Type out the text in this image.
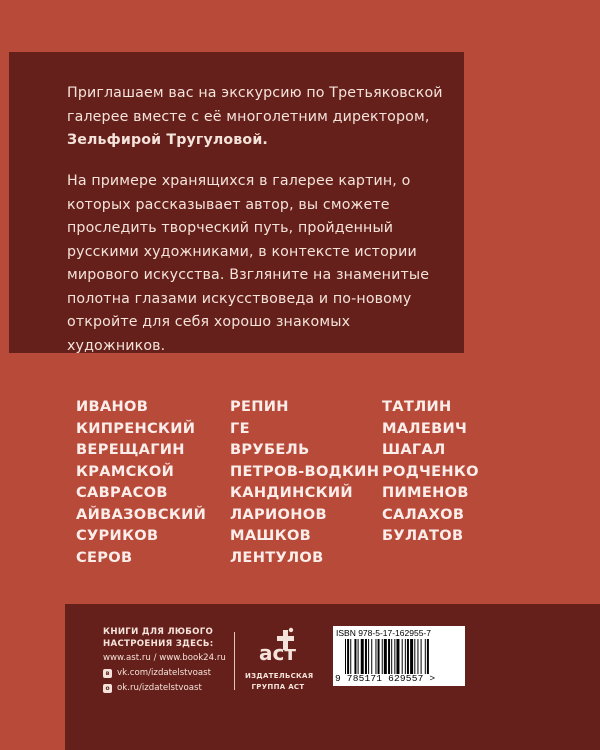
Приглашаем вас на экскурсию по Третьяковской галерее вместе с её многолетним директором, Зельфирой Тругуловой.

На примере хранящихся в галерее картин, о которых рассказывает автор, вы сможете проследить творческий путь, пройденный русскими художниками, в контексте истории мирового искусства. Взгляните на знаменитые полотна глазами искусствоведа и по-новому откройте для себя хорошо знакомых художников.

ИВАНОВ
КИПРЕНСКИЙ
ВЕРЕЩАГИН
КРАМСКОЙ
САВРАСОВ
АЙВАЗОВСКИЙ
СУРИКОВ
СЕРОВ
РЕПИН
ГЕ
ВРУБЕЛЬ
ПЕТРОВ-ВОДКИН
КАНДИНСКИЙ
ЛАРИОНОВ
МАШКОВ
ЛЕНТУЛОВ
ТАТЛИН
МАЛЕВИЧ
ШАГАЛ
РОДЧЕНКО
ПИМЕНОВ
САЛАХОВ
БУЛАТОВ
КНИГИ ДЛЯ ЛЮБОГО
НАСТРОЕНИЯ ЗДЕСЬ:
www.ast.ru / www.book24.ru
в vk.com/izdatelstvoast
о ok.ru/izdatelstvoast
аст
ИЗДАТЕЛЬСКАЯ
ГРУППА АСТ
ISBN 978-5-17-162955-7
9 785171 629557 >
